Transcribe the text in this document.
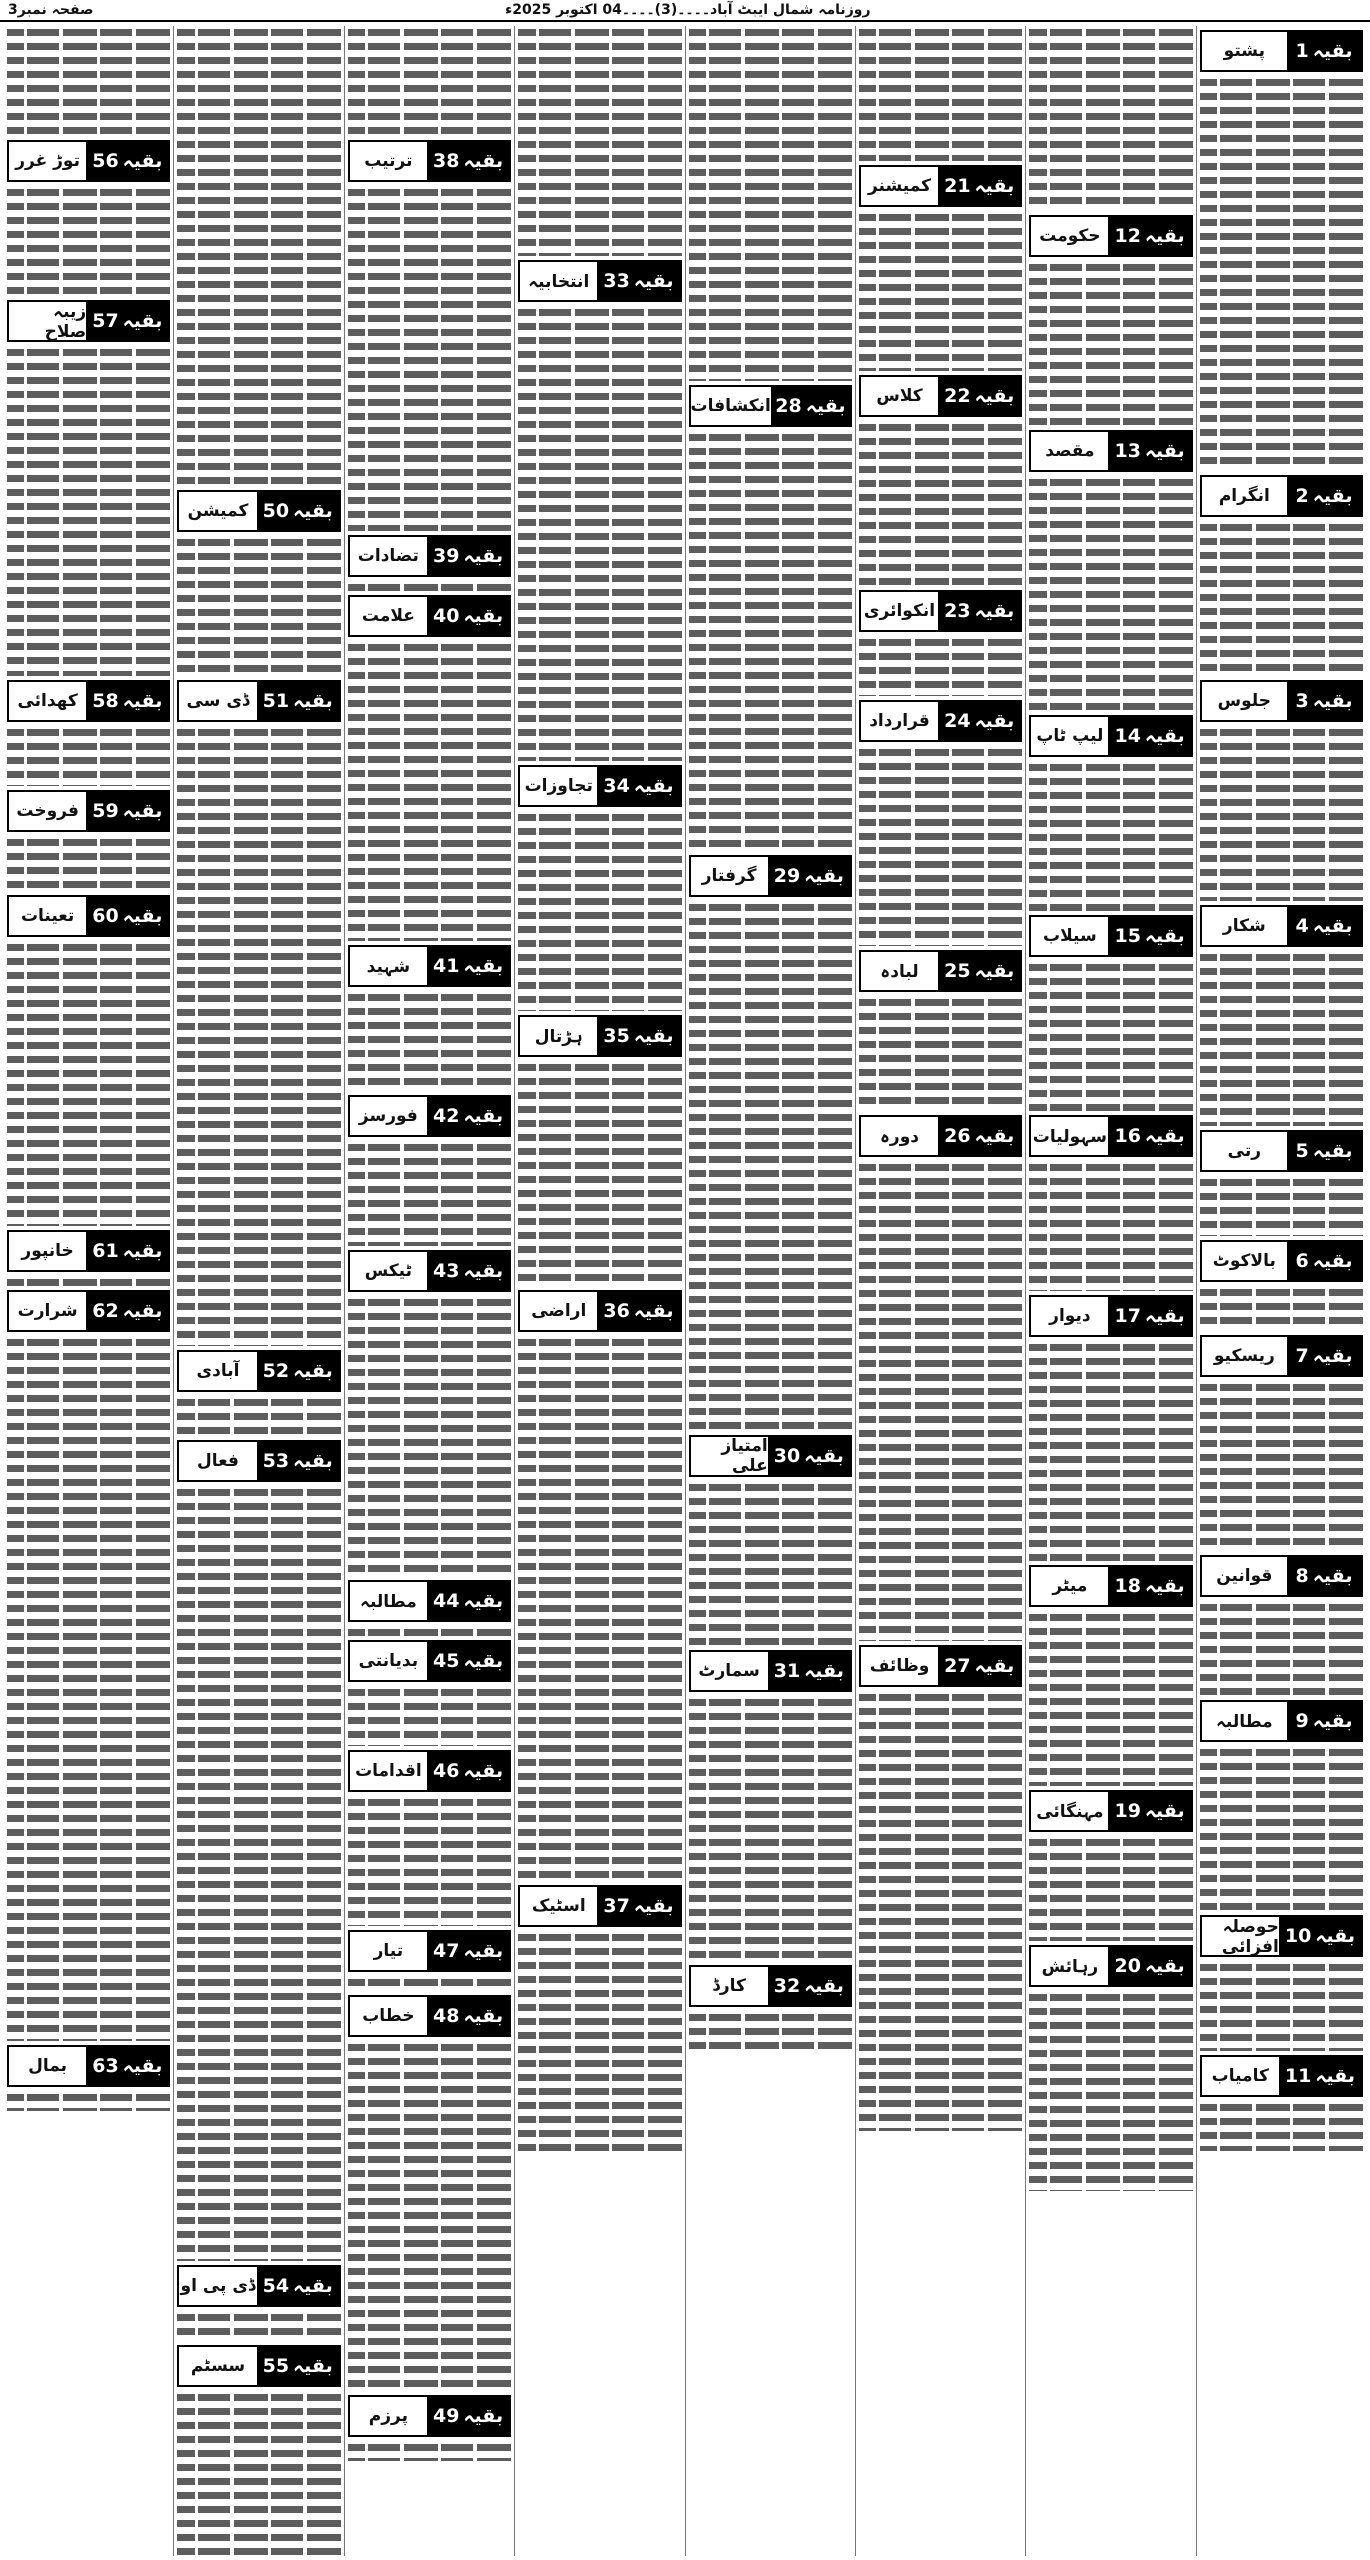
صفحہ نمبر3	روزنامہ شمال ایبٹ آباد۔۔۔۔(3)۔۔۔۔04 اکتوبر 2025ء
بقیہ
1
پشتو
بقیہ
2
انگرام
بقیہ
3
جلوس
بقیہ
4
شکار
بقیہ
5
رتی
بقیہ
6
بالاکوٹ
بقیہ
7
ریسکیو
بقیہ
8
قوانین
بقیہ
9
مطالبہ
بقیہ
10
حوصلہ افزائی
بقیہ
11
کامیاب
بقیہ
12
حکومت
بقیہ
13
مقصد
بقیہ
14
لیپ ٹاپ
بقیہ
15
سیلاب
بقیہ
16
سہولیات
بقیہ
17
دیوار
بقیہ
18
میٹر
بقیہ
19
مہنگائی
بقیہ
20
رہائش
بقیہ
21
کمیشنر
بقیہ
22
کلاس
بقیہ
23
انکوائری
بقیہ
24
قرارداد
بقیہ
25
لبادہ
بقیہ
26
دورہ
بقیہ
27
وظائف
بقیہ
28
انکشافات
بقیہ
29
گرفتار
بقیہ
30
امتیاز علی
بقیہ
31
سمارٹ
بقیہ
32
کارڈ
بقیہ
33
انتخابیہ
بقیہ
34
تجاوزات
بقیہ
35
ہڑتال
بقیہ
36
اراضی
بقیہ
37
اسٹیک
بقیہ
38
ترتیب
بقیہ
39
تضادات
بقیہ
40
علامت
بقیہ
41
شہید
بقیہ
42
فورسز
بقیہ
43
ٹیکس
بقیہ
44
مطالبہ
بقیہ
45
بدیانتی
بقیہ
46
اقدامات
بقیہ
47
تیار
بقیہ
48
خطاب
بقیہ
49
پرزم
بقیہ
50
کمیشن
بقیہ
51
ڈی سی
بقیہ
52
آبادی
بقیہ
53
فعال
بقیہ
54
ڈی پی او
بقیہ
55
سسٹم
بقیہ
56
توڑ غرر
بقیہ
57
زیبہ صلاح
بقیہ
58
کھدائی
بقیہ
59
فروخت
بقیہ
60
تعینات
بقیہ
61
خانپور
بقیہ
62
شرارت
بقیہ
63
بمال
